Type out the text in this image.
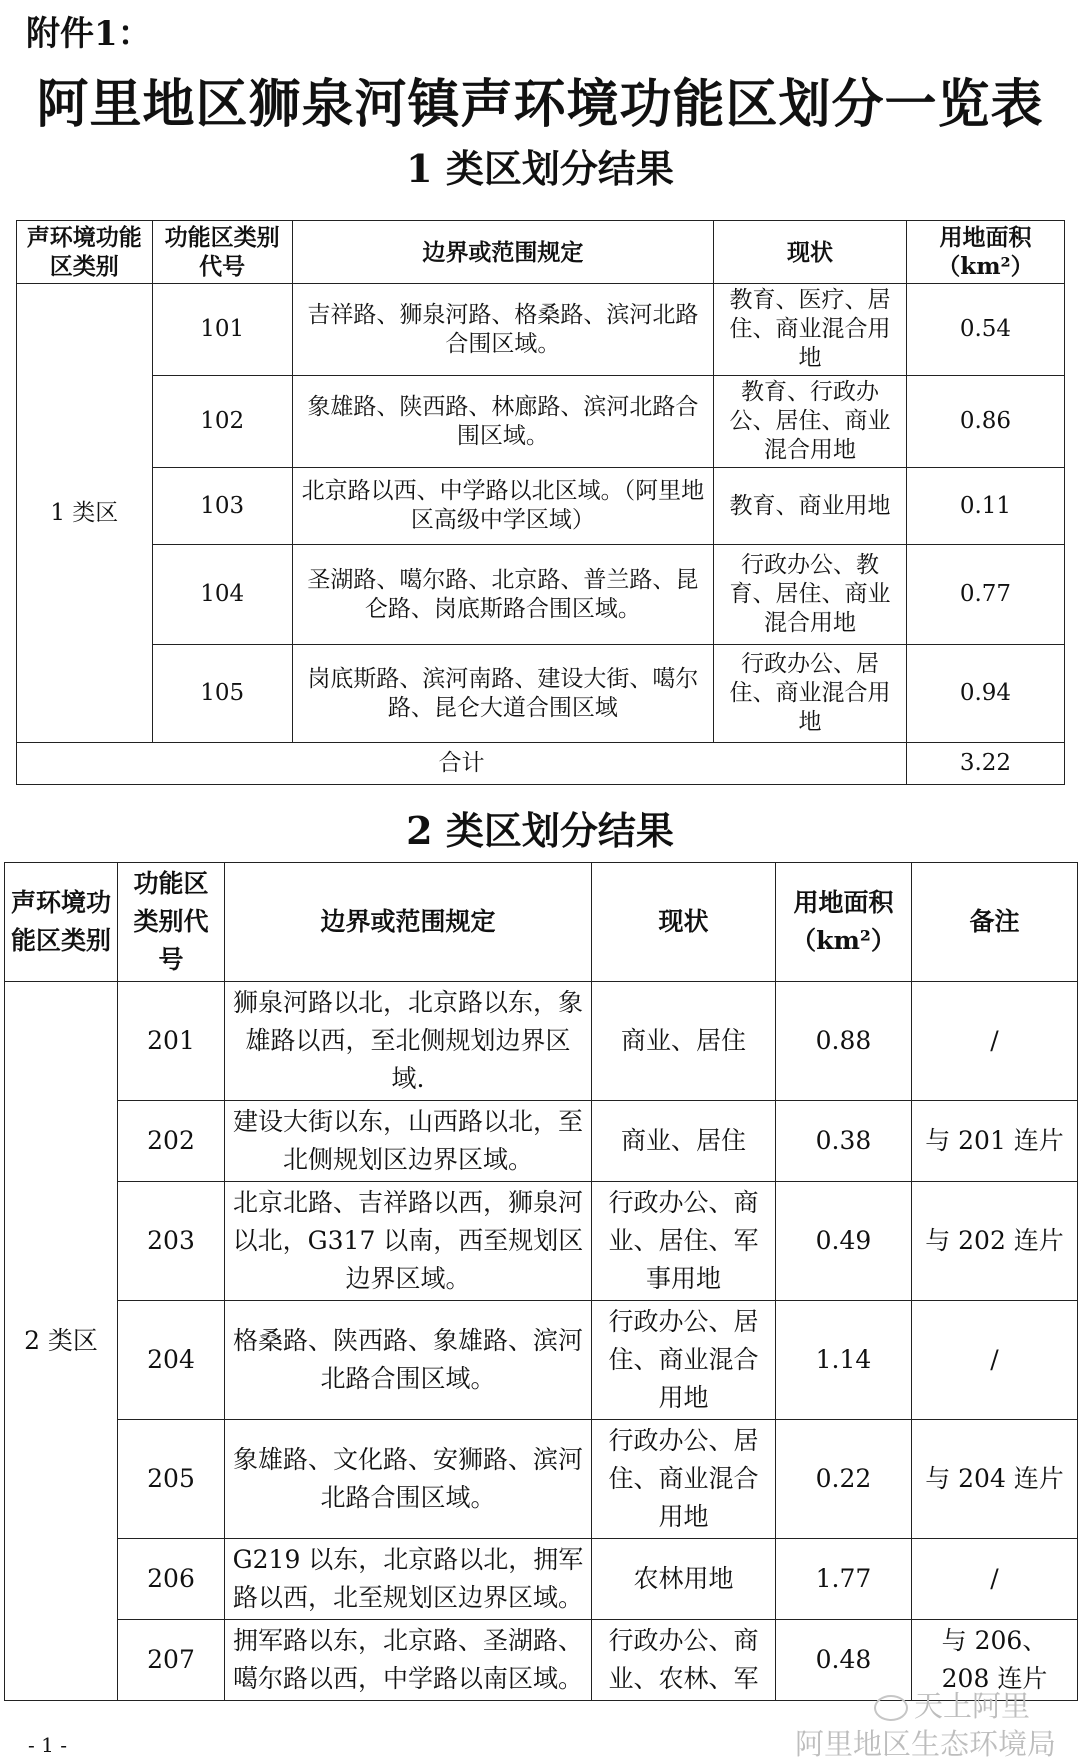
附件1：
阿里地区狮泉河镇声环境功能区划分一览表
1 类区划分结果
声环境功能区类别	功能区类别代号	边界或范围规定	现状	用地面积（km²）
1 类区	101	吉祥路、狮泉河路、格桑路、滨河北路合围区域。	教育、医疗、居住、商业混合用地	0.54
	102	象雄路、陕西路、林廊路、滨河北路合围区域。	教育、行政办公、居住、商业混合用地	0.86
	103	北京路以西、中学路以北区域。（阿里地区高级中学区域）	教育、商业用地	0.11
	104	圣湖路、噶尔路、北京路、普兰路、昆仑路、岗底斯路合围区域。	行政办公、教育、居住、商业混合用地	0.77
	105	岗底斯路、滨河南路、建设大街、噶尔路、昆仑大道合围区域	行政办公、居住、商业混合用地	0.94
合计				3.22
2 类区划分结果
声环境功能区类别	功能区类别代号	边界或范围规定	现状	用地面积（km²）	备注
2 类区	201	狮泉河路以北，北京路以东，象雄路以西，至北侧规划边界区域.	商业、居住	0.88	/
	202	建设大街以东，山西路以北，至北侧规划区边界区域。	商业、居住	0.38	与 201 连片
	203	北京北路、吉祥路以西，狮泉河以北，G317 以南，西至规划区边界区域。	行政办公、商业、居住、军事用地	0.49	与 202 连片
	204	格桑路、陕西路、象雄路、滨河北路合围区域。	行政办公、居住、商业混合用地	1.14	/
	205	象雄路、文化路、安狮路、滨河北路合围区域。	行政办公、居住、商业混合用地	0.22	与 204 连片
	206	G219 以东，北京路以北，拥军路以西，北至规划区边界区域。	农林用地	1.77	/
	207	拥军路以东，北京路、圣湖路、噶尔路以西，中学路以南区域。	行政办公、商业、农林、军	0.48	与 206、208 连片
天上阿里
阿里地区生态环境局
- 1 -
